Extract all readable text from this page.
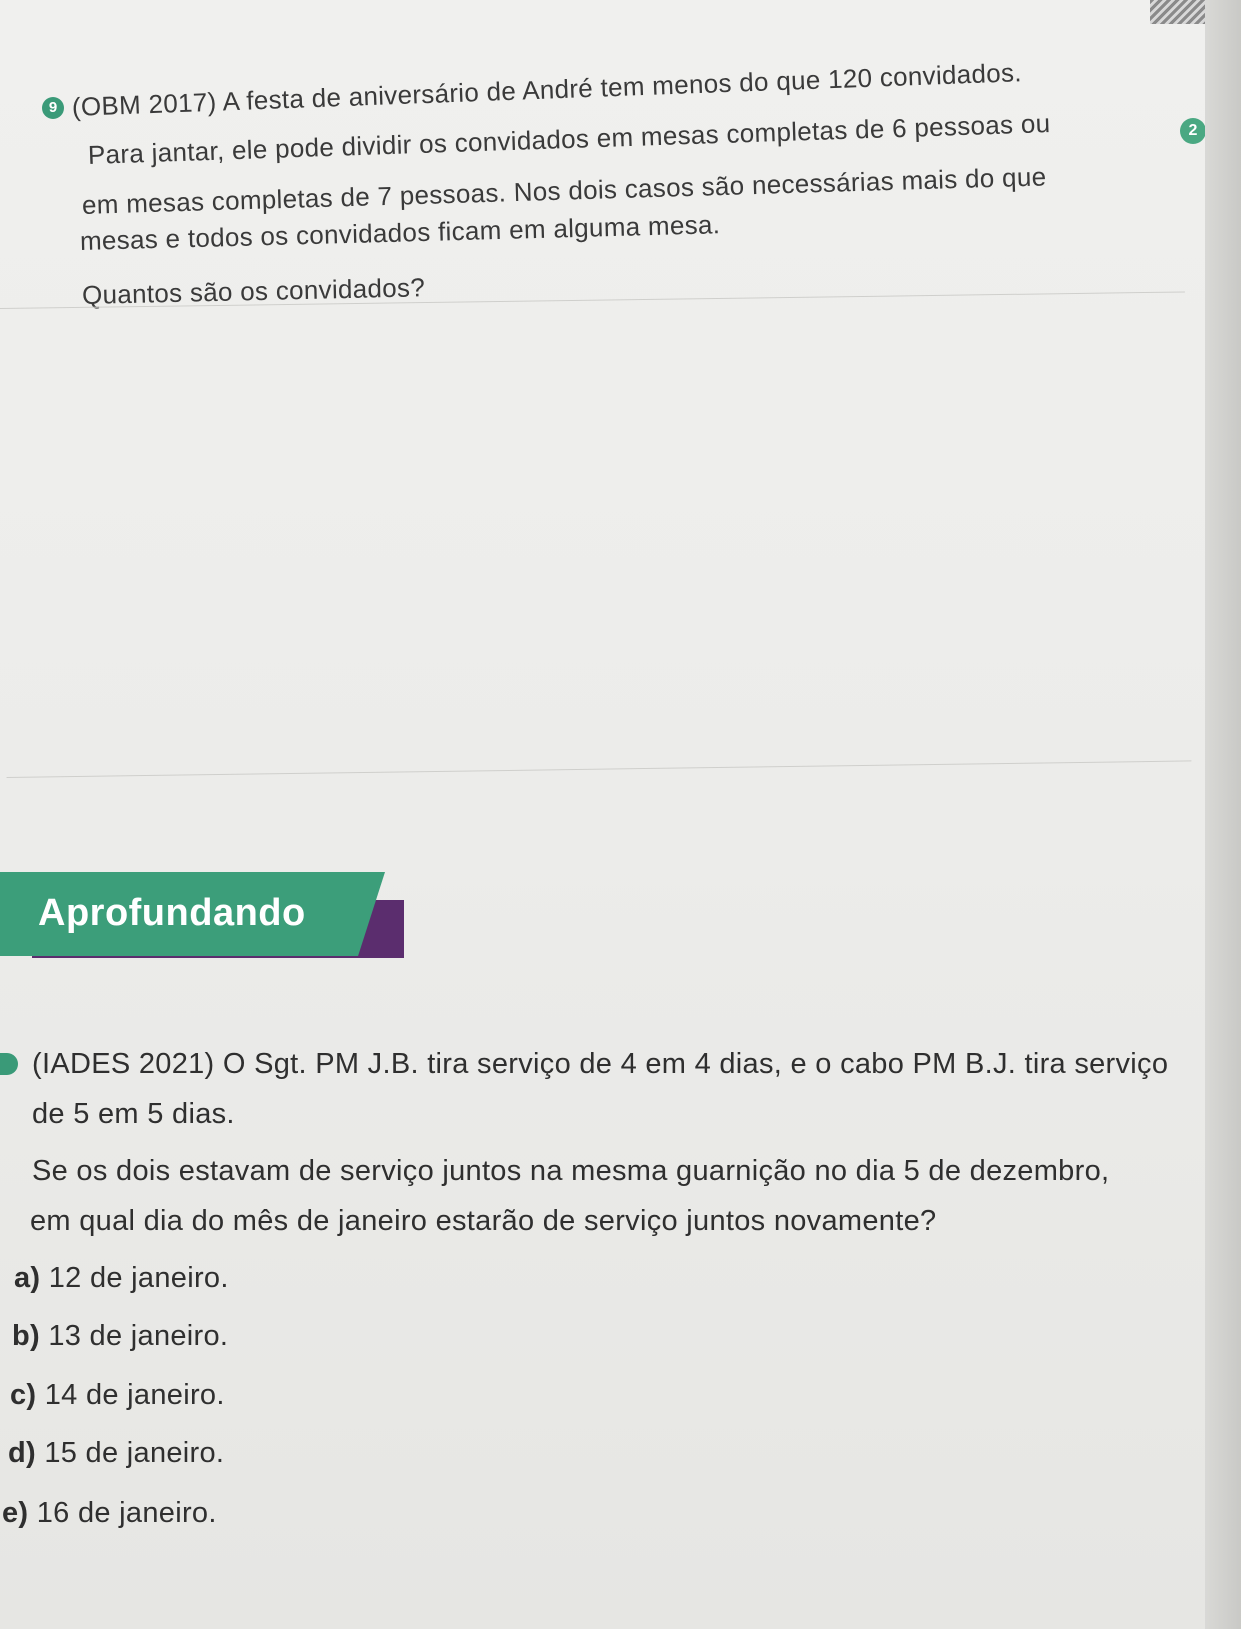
9 (OBM 2017) A festa de aniversário de André tem menos do que 120 convidados.
Para jantar, ele pode dividir os convidados em mesas completas de 6 pessoas ou
em mesas completas de 7 pessoas. Nos dois casos são necessárias mais do que
mesas e todos os convidados ficam em alguma mesa.
Quantos são os convidados?
2
Aprofundando
(IADES 2021) O Sgt. PM J.B. tira serviço de 4 em 4 dias, e o cabo PM B.J. tira serviço
de 5 em 5 dias.
Se os dois estavam de serviço juntos na mesma guarnição no dia 5 de dezembro,
em qual dia do mês de janeiro estarão de serviço juntos novamente?
a) 12 de janeiro.
b) 13 de janeiro.
c) 14 de janeiro.
d) 15 de janeiro.
e) 16 de janeiro.
